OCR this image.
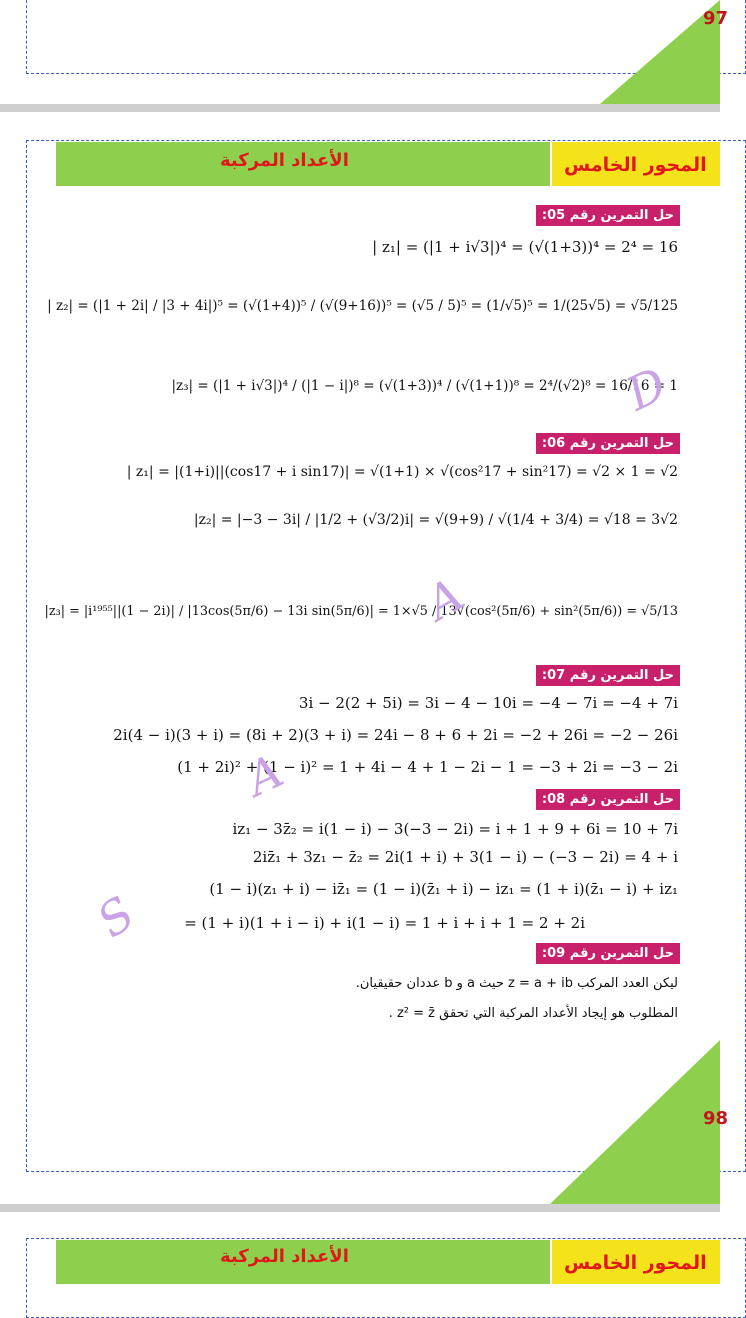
97
الأعداد المركبة	المحور الخامس
حل التمرين رقم 05:
| z₁| = (|1 + i√3|)⁴ = (√(1+3))⁴ = 2⁴ = 16
| z₂| = (|1 + 2i| / |3 + 4i|)⁵ = (√(1+4))⁵ / (√(9+16))⁵ = (√5 / 5)⁵ = (1/√5)⁵ = 1/(25√5) = √5/125
|z₃| = (|1 + i√3|)⁴ / (|1 − i|)⁸ = (√(1+3))⁴ / (√(1+1))⁸ = 2⁴/(√2)⁸ = 16/16 = 1
حل التمرين رقم 06:
| z₁| = |(1+i)||(cos17 + i sin17)| = √(1+1) × √(cos²17 + sin²17) = √2 × 1 = √2
|z₂| = |−3 − 3i| / |1/2 + (√3/2)i| = √(9+9) / √(1/4 + 3/4) = √18 = 3√2
|z₃| = |i¹⁹⁵⁵||(1 − 2i)| / |13cos(5π/6) − 13i sin(5π/6)| = 1×√5 / 13√(cos²(5π/6) + sin²(5π/6)) = √5/13
حل التمرين رقم 07:
3i − 2(2 + 5i) = 3i − 4 − 10i = −4 − 7i = −4 + 7i
2i(4 − i)(3 + i) = (8i + 2)(3 + i) = 24i − 8 + 6 + 2i = −2 + 26i = −2 − 26i
(1 + 2i)² + (1 − i)² = 1 + 4i − 4 + 1 − 2i − 1 = −3 + 2i = −3 − 2i
حل التمرين رقم 08:
iz₁ − 3z̄₂ = i(1 − i) − 3(−3 − 2i) = i + 1 + 9 + 6i = 10 + 7i
2iz̄₁ + 3z₁ − z̄₂ = 2i(1 + i) + 3(1 − i) − (−3 − 2i) = 4 + i
(1 − i)(z₁ + i) − iz̄₁ = (1 − i)(z̄₁ + i) − iz₁ = (1 + i)(z̄₁ − i) + iz₁
= (1 + i)(1 + i − i) + i(1 − i) = 1 + i + i + 1 = 2 + 2i
حل التمرين رقم 09:
ليكن العدد المركب z = a + ib حيث a و b عددان حقيقيان.
المطلوب هو إيجاد الأعداد المركبة التي تحقق z² = z̄ .
D
A
A
S
98
الأعداد المركبة	المحور الخامس
